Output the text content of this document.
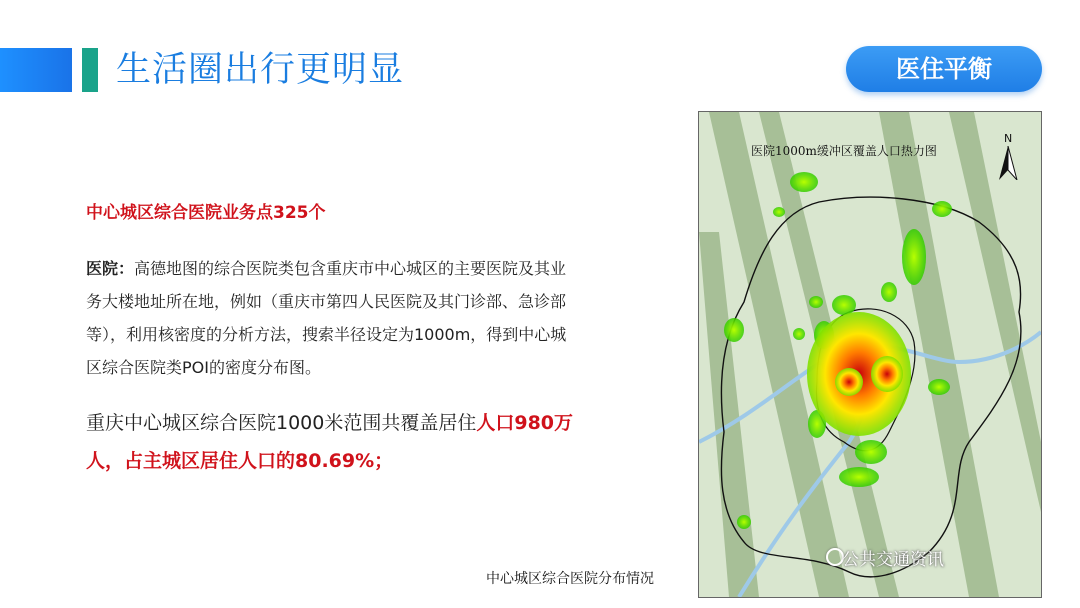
生活圈出行更明显	医住平衡
中心城区综合医院业务点325个
医院：高德地图的综合医院类包含重庆市中心城区的主要医院及其业
务大楼地址所在地，例如（重庆市第四人民医院及其门诊部、急诊部
等），利用核密度的分析方法，搜索半径设定为1000m，得到中心城
区综合医院类POI的密度分布图。
重庆中心城区综合医院1000米范围共覆盖居住人口980万
人，占主城区居住人口的80.69%；
医院1000m缓冲区覆盖人口热力图
N
公共交通资讯
中心城区综合医院分布情况
